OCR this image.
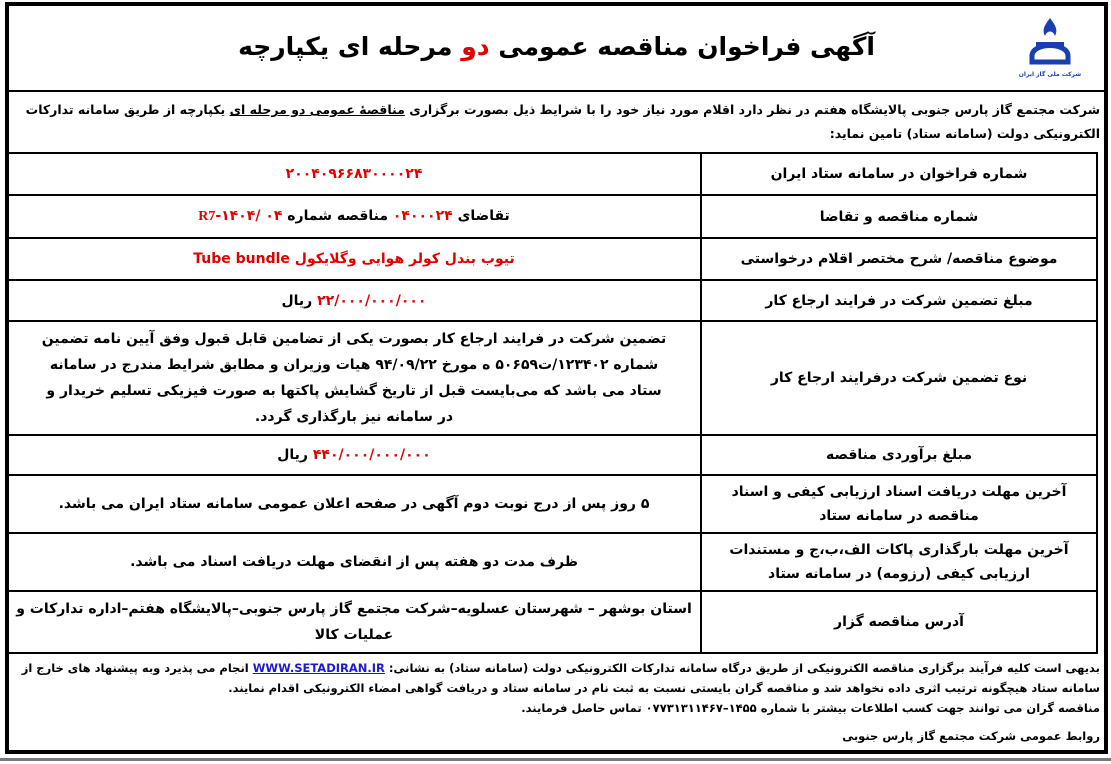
آگهی فراخوان مناقصه عمومی دو مرحله ای یکپارچه
شرکت ملی گاز ایران
شرکت مجتمع گاز پارس جنوبی پالایشگاه هفتم در نظر دارد اقلام مورد نیاز خود را با شرایط ذیل بصورت برگزاری مناقصهٔ عمومی دو مرحله ای یکپارچه از طریق سامانه تدارکات الکترونیکی دولت (سامانه ستاد) تامین نماید:
شماره فراخوان در سامانه ستاد ایران	۲۰۰۴۰۹۶۶۸۳۰۰۰۰۲۴
شماره مناقصه و تقاضا	تقاضای ۰۴۰۰۰۲۴ مناقصه شماره ۰۴ /۱۴۰۴-R7
موضوع مناقصه/ شرح مختصر اقلام درخواستی	تیوب بندل کولر هوایی وگلایکول Tube bundle
مبلغ تضمین شرکت در فرایند ارجاع کار	۲۲/۰۰۰/۰۰۰/۰۰۰ ریال
نوع تضمین شرکت درفرایند ارجاع کار	تضمین شرکت در فرایند ارجاع کار بصورت یکی از تضامین قابل قبول وفق آیین نامه تضمین شماره ۱۲۳۴۰۲/ت۵۰۶۵۹ ه مورخ ۹۴/۰۹/۲۲ هیات وزیران و مطابق شرایط مندرج در سامانه ستاد می باشد که می‌بایست قبل از تاریخ گشایش پاکتها به صورت فیزیکی تسلیم خریدار و در سامانه نیز بارگذاری گردد.
مبلغ برآوردی مناقصه	۴۴۰/۰۰۰/۰۰۰/۰۰۰ ریال
آخرین مهلت دریافت اسناد ارزیابی کیفی و اسناد مناقصه در سامانه ستاد	۵ روز پس از درج نوبت دوم آگهی در صفحه اعلان عمومی سامانه ستاد ایران می باشد.
آخرین مهلت بارگذاری پاکات الف،ب،ج و مستندات ارزیابی کیفی (رزومه) در سامانه ستاد	ظرف مدت دو هفته پس از انقضای مهلت دریافت اسناد می باشد.
آدرس مناقصه گزار	استان بوشهر – شهرستان عسلویه–شرکت مجتمع گاز پارس جنوبی–پالایشگاه هفتم–اداره تدارکات و عملیات کالا
بدیهی است کلیه فرآیند برگزاری مناقصه الکترونیکی از طریق درگاه سامانه تدارکات الکترونیکی دولت (سامانه ستاد) به نشانی: WWW.SETADIRAN.IR انجام می پذیرد وبه پیشنهاد های خارج از سامانه ستاد هیچگونه ترتیب اثری داده نخواهد شد و مناقصه گران بایستی نسبت به ثبت نام در سامانه ستاد و دریافت گواهی امضاء الکترونیکی اقدام نمایند.
مناقصه گران می توانند جهت کسب اطلاعات بیشتر با شماره ۱۴۵۵–۰۷۷۳۱۳۱۱۴۶۷ تماس حاصل فرمایند.
روابط عمومی شرکت مجتمع گاز پارس جنوبی
